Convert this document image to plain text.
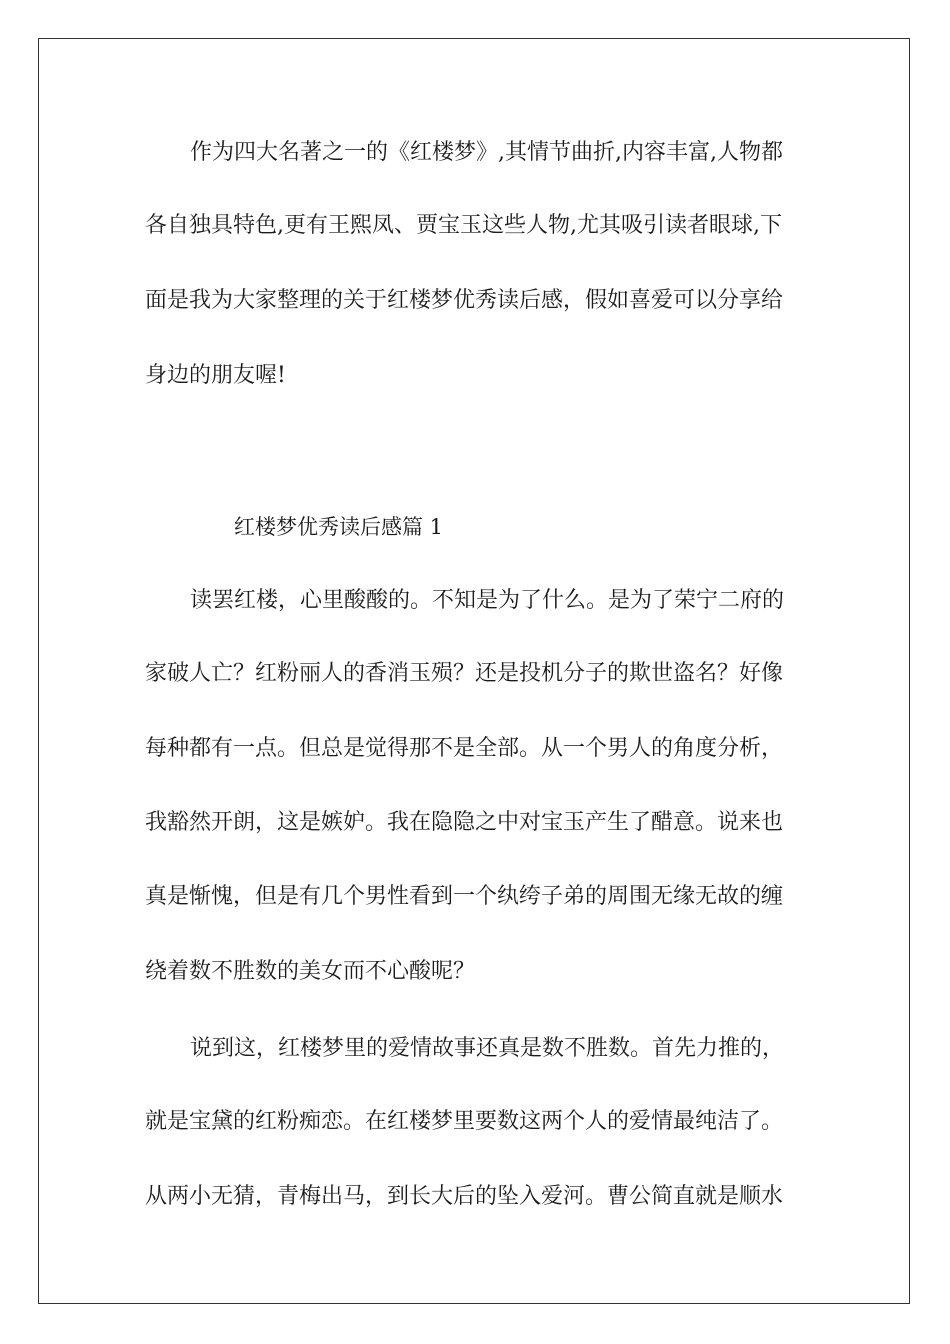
作为四大名著之一的《红楼梦》,其情节曲折,内容丰富,人物都
各自独具特色,更有王熙凤、贾宝玉这些人物,尤其吸引读者眼球,下
面是我为大家整理的关于红楼梦优秀读后感，假如喜爱可以分享给
身边的朋友喔!
红楼梦优秀读后感篇 1
读罢红楼，心里酸酸的。不知是为了什么。是为了荣宁二府的
家破人亡？红粉丽人的香消玉殒？还是投机分子的欺世盗名？好像
每种都有一点。但总是觉得那不是全部。从一个男人的角度分析，
我豁然开朗，这是嫉妒。我在隐隐之中对宝玉产生了醋意。说来也
真是惭愧，但是有几个男性看到一个纨绔子弟的周围无缘无故的缠
绕着数不胜数的美女而不心酸呢？
说到这，红楼梦里的爱情故事还真是数不胜数。首先力推的，
就是宝黛的红粉痴恋。在红楼梦里要数这两个人的爱情最纯洁了。
从两小无猜，青梅出马，到长大后的坠入爱河。曹公简直就是顺水
